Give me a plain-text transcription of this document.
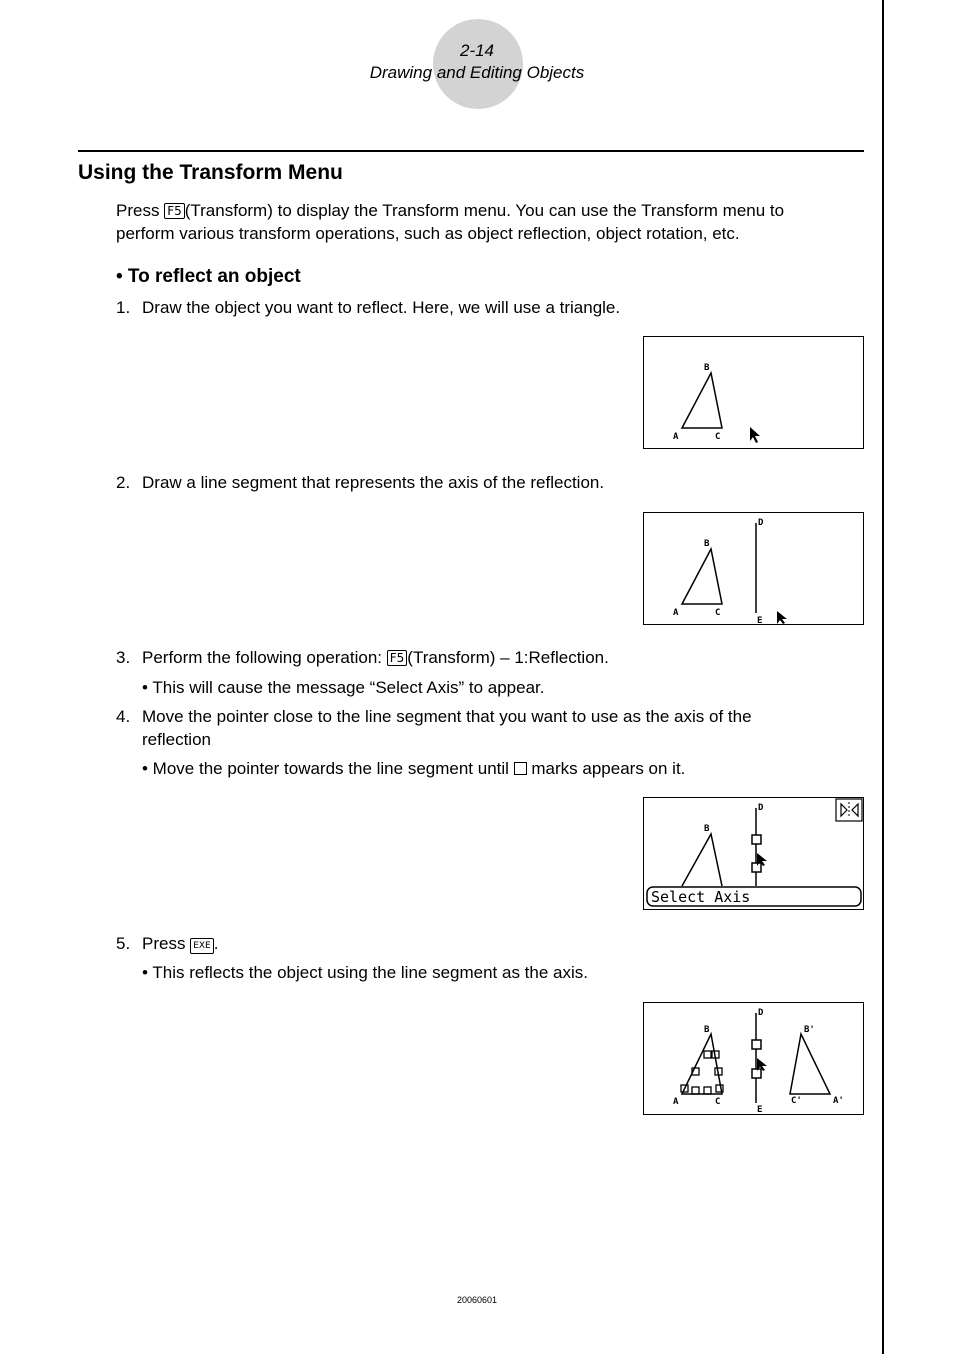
2-14
Drawing and Editing Objects
Using the Transform Menu
Press F5 (Transform) to display the Transform menu. You can use the Transform menu to
perform various transform operations, such as object reflection, object rotation, etc.
• To reflect an object
1. Draw the object you want to reflect. Here, we will use a triangle.
B
A	C
2. Draw a line segment that represents the axis of the reflection.
B
A	C
D
E
3. Perform the following operation: F5 (Transform) – 1:Reflection.
• This will cause the message “Select Axis” to appear.
4. Move the pointer close to the line segment that you want to use as the axis of the
reflection
• Move the pointer towards the line segment until  marks appears on it.
B
D
Select Axis
5. Press EXE .
• This reflects the object using the line segment as the axis.
B
A	C
D
E
B'
C'	A'
20060601
